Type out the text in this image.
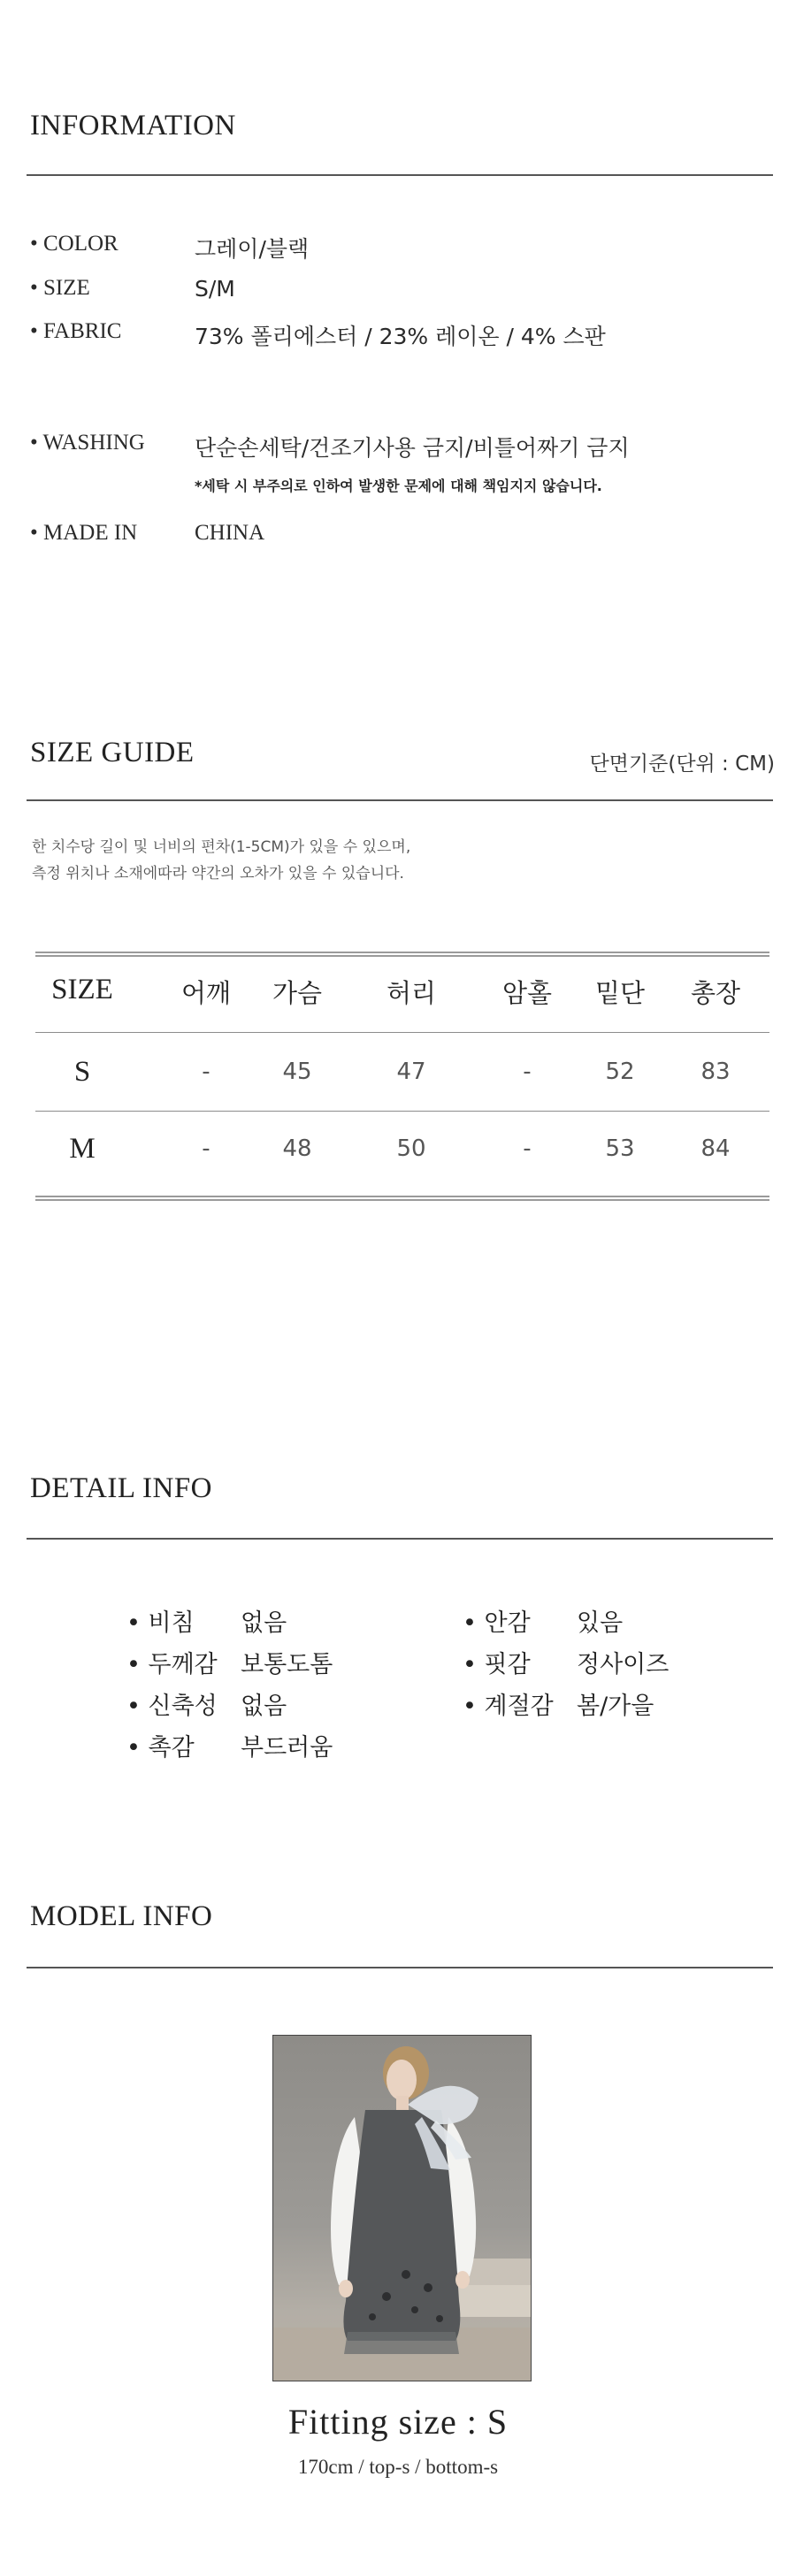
INFORMATION
• COLOR	그레이/블랙
• SIZE	S/M
• FABRIC	73% 폴리에스터 / 23% 레이온 / 4% 스판
• WASHING 단순손세탁/건조기사용 금지/비틀어짜기 금지
*세탁 시 부주의로 인하여 발생한 문제에 대해 책임지지 않습니다.
• MADE IN	CHINA
SIZE GUIDE	단면기준(단위 : CM)
한 치수당 길이 및 너비의 편차(1-5CM)가 있을 수 있으며,
측정 위치나 소재에따라 약간의 오차가 있을 수 있습니다.
SIZE	어깨	가슴	허리	암홀	밑단	총장
S	-	45	47	-	52	83
M	-	48	50	-	53	84
DETAIL INFO
• 비침 없음
• 두께감 보통도톰
• 신축성 없음
• 촉감 부드러움
• 안감 있음
• 핏감 정사이즈
• 계절감 봄/가을
MODEL INFO
Fitting size : S
170cm / top-s / bottom-s
